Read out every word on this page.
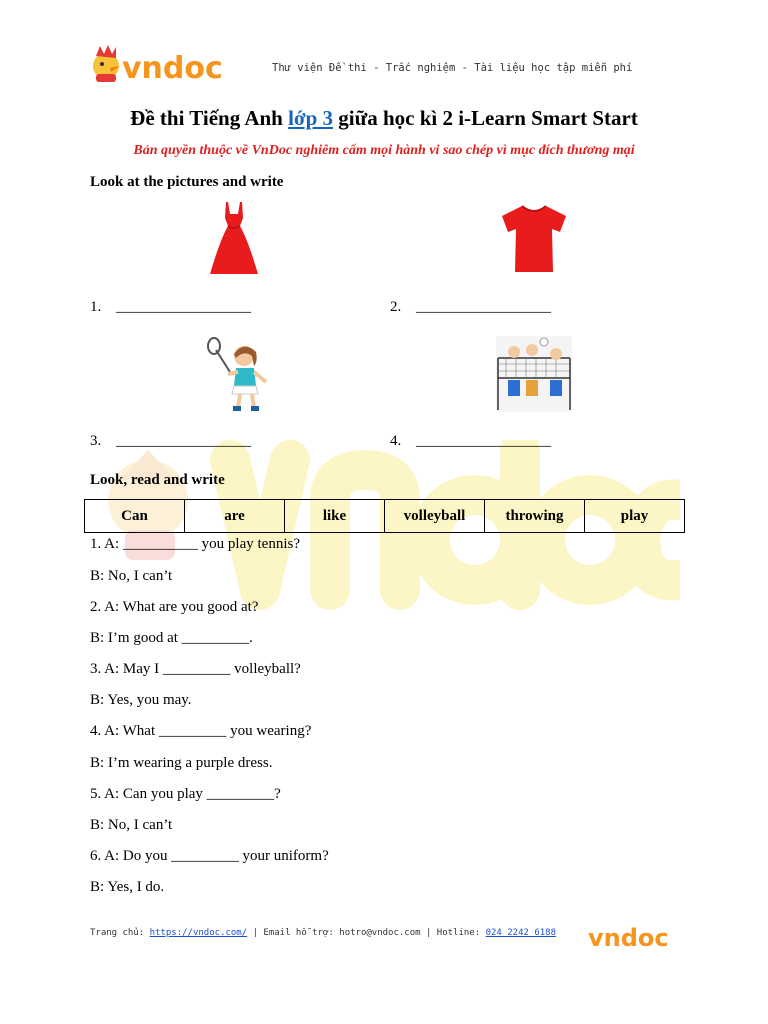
vndoc	Thư viện Đề thi - Trắc nghiệm - Tài liệu học tập miễn phí
Đề thi Tiếng Anh lớp 3 giữa học kì 2 i-Learn Smart Start
Bản quyền thuộc về VnDoc nghiêm cấm mọi hành vi sao chép vì mục đích thương mại
Look at the pictures and write
1. __________________	2. __________________
3. __________________	4. __________________
Look, read and write
Can	are	like	volleyball	throwing	play
1. A: __________ you play tennis?
B: No, I can’t
2. A: What are you good at?
B: I’m good at _________.
3. A: May I _________ volleyball?
B: Yes, you may.
4. A: What _________ you wearing?
B: I’m wearing a purple dress.
5. A: Can you play _________?
B: No, I can’t
6. A: Do you _________ your uniform?
B: Yes, I do.
Trang chủ: https://vndoc.com/ | Email hỗ trợ: hotro@vndoc.com | Hotline: 024 2242 6188 vndoc
